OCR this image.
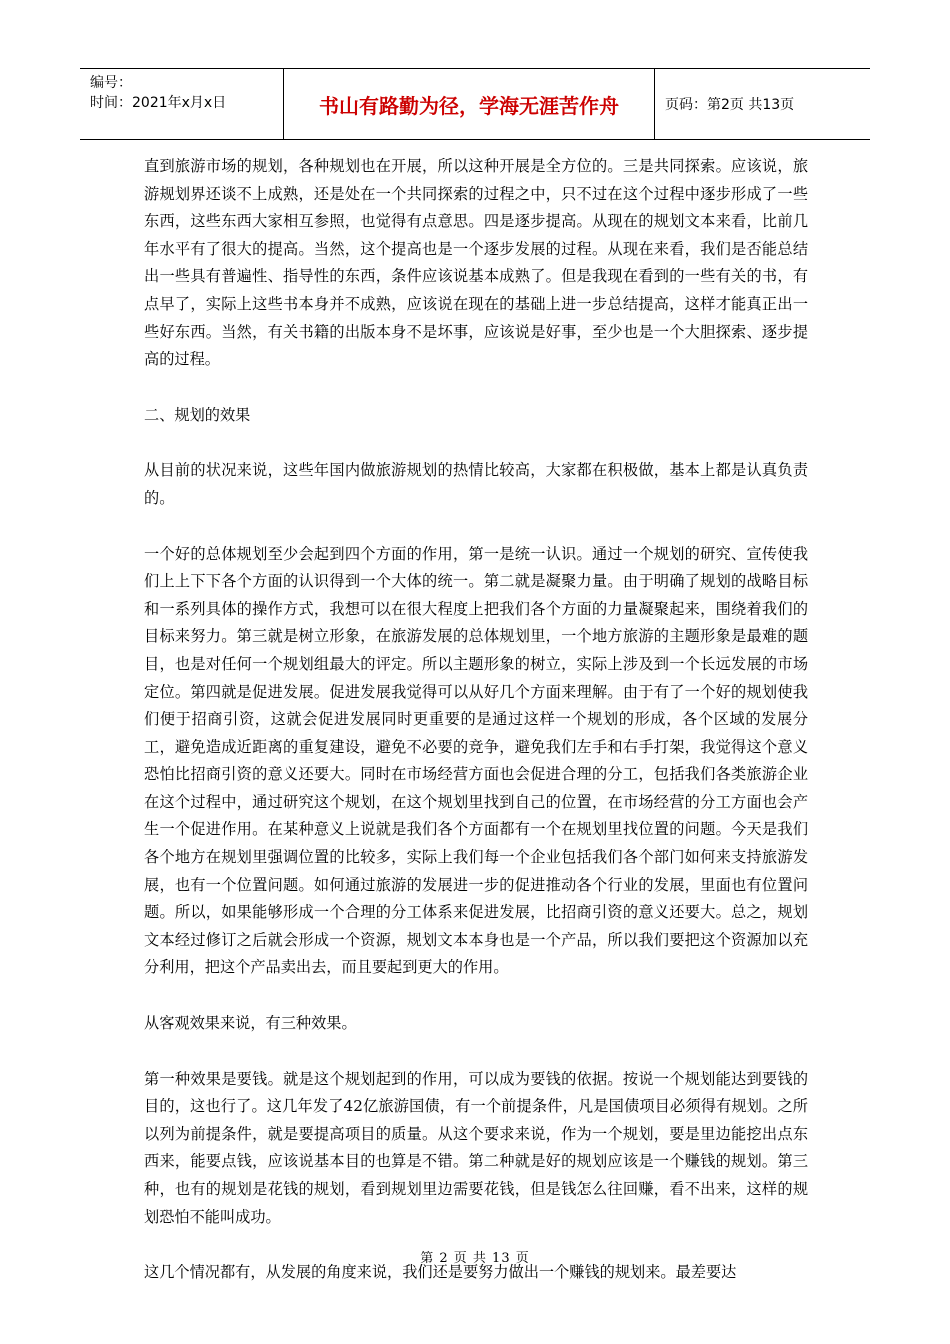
编号：
时间：2021年x月x日	书山有路勤为径，学海无涯苦作舟	页码：第2页 共13页

直到旅游市场的规划，各种规划也在开展，所以这种开展是全方位的。三是共同探索。应该说，旅游规划界还谈不上成熟，还是处在一个共同探索的过程之中，只不过在这个过程中逐步形成了一些东西，这些东西大家相互参照，也觉得有点意思。四是逐步提高。从现在的规划文本来看，比前几年水平有了很大的提高。当然，这个提高也是一个逐步发展的过程。从现在来看，我们是否能总结出一些具有普遍性、指导性的东西，条件应该说基本成熟了。但是我现在看到的一些有关的书，有点早了，实际上这些书本身并不成熟，应该说在现在的基础上进一步总结提高，这样才能真正出一些好东西。当然，有关书籍的出版本身不是坏事，应该说是好事，至少也是一个大胆探索、逐步提高的过程。

二、规划的效果

从目前的状况来说，这些年国内做旅游规划的热情比较高，大家都在积极做，基本上都是认真负责的。

一个好的总体规划至少会起到四个方面的作用，第一是统一认识。通过一个规划的研究、宣传使我们上上下下各个方面的认识得到一个大体的统一。第二就是凝聚力量。由于明确了规划的战略目标和一系列具体的操作方式，我想可以在很大程度上把我们各个方面的力量凝聚起来，围绕着我们的目标来努力。第三就是树立形象，在旅游发展的总体规划里，一个地方旅游的主题形象是最难的题目，也是对任何一个规划组最大的评定。所以主题形象的树立，实际上涉及到一个长远发展的市场定位。第四就是促进发展。促进发展我觉得可以从好几个方面来理解。由于有了一个好的规划使我们便于招商引资，这就会促进发展同时更重要的是通过这样一个规划的形成，各个区域的发展分工，避免造成近距离的重复建设，避免不必要的竞争，避免我们左手和右手打架，我觉得这个意义恐怕比招商引资的意义还要大。同时在市场经营方面也会促进合理的分工，包括我们各类旅游企业在这个过程中，通过研究这个规划，在这个规划里找到自己的位置，在市场经营的分工方面也会产生一个促进作用。在某种意义上说就是我们各个方面都有一个在规划里找位置的问题。今天是我们各个地方在规划里强调位置的比较多，实际上我们每一个企业包括我们各个部门如何来支持旅游发展，也有一个位置问题。如何通过旅游的发展进一步的促进推动各个行业的发展，里面也有位置问题。所以，如果能够形成一个合理的分工体系来促进发展，比招商引资的意义还要大。总之，规划文本经过修订之后就会形成一个资源，规划文本本身也是一个产品，所以我们要把这个资源加以充分利用，把这个产品卖出去，而且要起到更大的作用。

从客观效果来说，有三种效果。

第一种效果是要钱。就是这个规划起到的作用，可以成为要钱的依据。按说一个规划能达到要钱的目的，这也行了。这几年发了42亿旅游国债，有一个前提条件，凡是国债项目必须得有规划。之所以列为前提条件，就是要提高项目的质量。从这个要求来说，作为一个规划，要是里边能挖出点东西来，能要点钱，应该说基本目的也算是不错。第二种就是好的规划应该是一个赚钱的规划。第三种，也有的规划是花钱的规划，看到规划里边需要花钱，但是钱怎么往回赚，看不出来，这样的规划恐怕不能叫成功。

这几个情况都有，从发展的角度来说，我们还是要努力做出一个赚钱的规划来。最差要达

第 2 页 共 13 页
